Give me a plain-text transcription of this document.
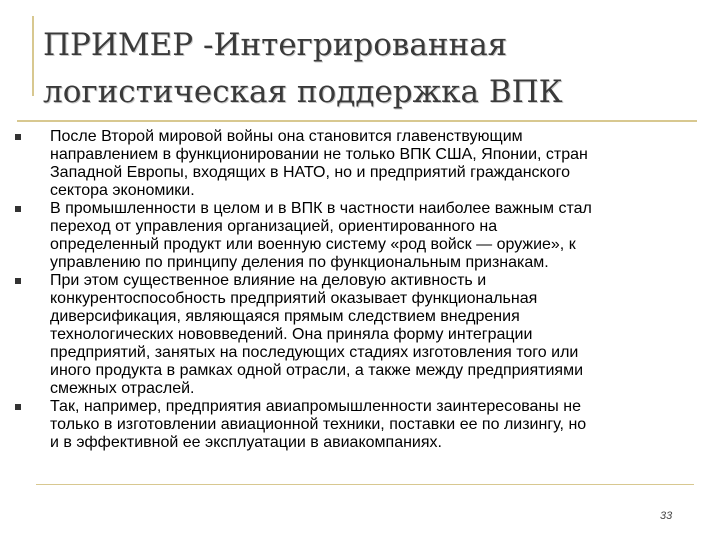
ПРИМЕР -Интегрированная
логистическая поддержка ВПК
После Второй мировой войны она становится главенствующим
направлением в функционировании не только ВПК США, Японии, стран
Западной Европы, входящих в НАТО, но и предприятий гражданского
сектора экономики.
В промышленности в целом и в ВПК в частности наиболее важным стал
переход от управления организацией, ориентированного на
определенный продукт или военную систему «род войск — оружие», к
управлению по принципу деления по функциональным признакам.
При этом существенное влияние на деловую активность и
конкурентоспособность предприятий оказывает функциональная
диверсификация, являющаяся прямым следствием внедрения
технологических нововведений. Она приняла форму интеграции
предприятий, занятых на последующих стадиях изготовления того или
иного продукта в рамках одной отрасли, а также между предприятиями
смежных отраслей.
Так, например, предприятия авиапромышленности заинтересованы не
только в изготовлении авиационной техники, поставки ее по лизингу, но
и в эффективной ее эксплуатации в авиакомпаниях.
33
